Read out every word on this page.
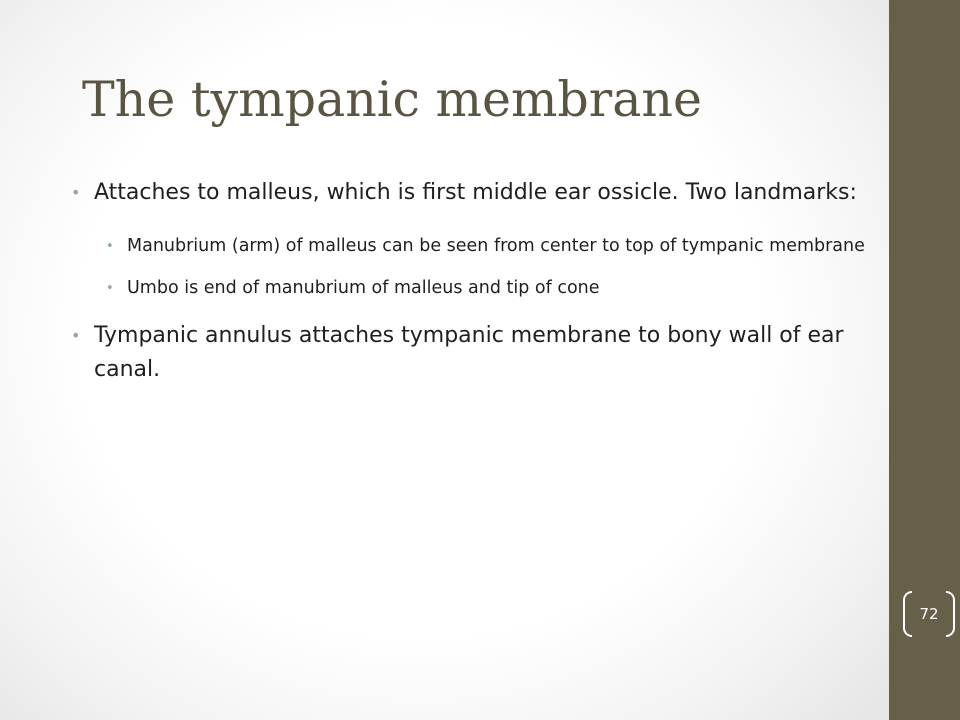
The tympanic membrane
• Attaches to malleus, which is first middle ear ossicle. Two landmarks:
• Manubrium (arm) of malleus can be seen from center to top of tympanic membrane
• Umbo is end of manubrium of malleus and tip of cone
• Tympanic annulus attaches tympanic membrane to bony wall of ear canal.
72
